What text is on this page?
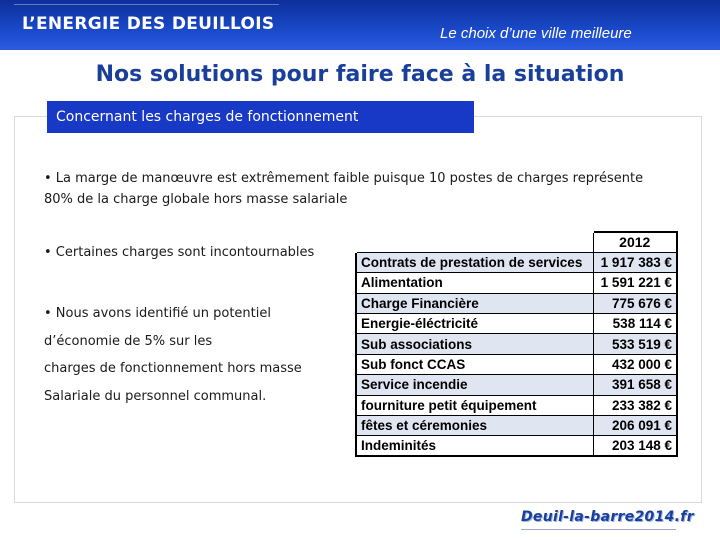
L’ENERGIE DES DEUILLOIS	Le choix d’une ville meilleure
Nos solutions pour faire face à la situation
Concernant les charges de fonctionnement
• La marge de manœuvre est extrêmement faible puisque 10 postes de charges représente 80% de la charge globale hors masse salariale
• Certaines charges sont incontournables
• Nous avons identifié un potentiel
d’économie de 5% sur les
charges de fonctionnement hors masse
Salariale du personnel communal.
	2012
Contrats de prestation de services	1 917 383 €
Alimentation	1 591 221 €
Charge Financière	775 676 €
Energie-éléctricité	538 114 €
Sub associations	533 519 €
Sub fonct CCAS	432 000 €
Service incendie	391 658 €
fourniture petit équipement	233 382 €
fêtes et céremonies	206 091 €
Indeminités	203 148 €
Deuil-la-barre2014.fr
